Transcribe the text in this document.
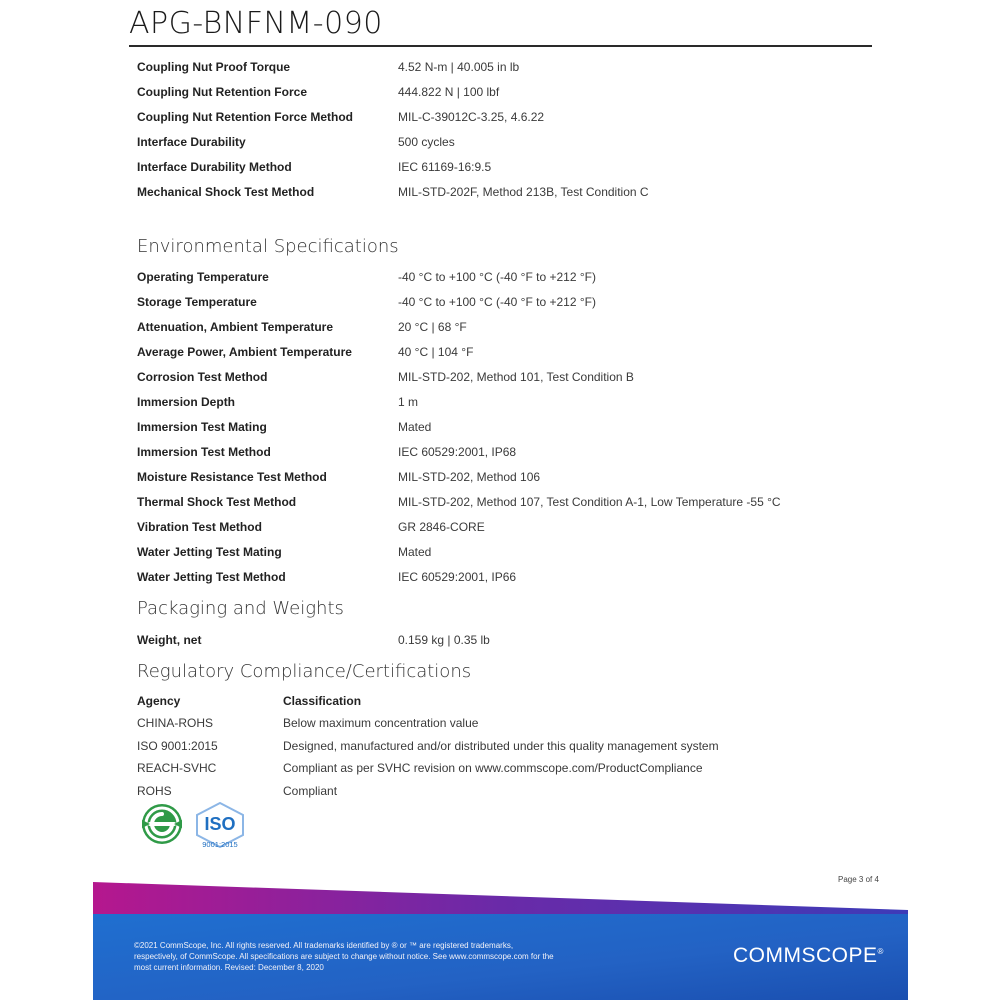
APG-BNFNM-090
Coupling Nut Proof Torque	4.52 N-m | 40.005 in lb
Coupling Nut Retention Force	444.822 N | 100 lbf
Coupling Nut Retention Force Method	MIL-C-39012C-3.25, 4.6.22
Interface Durability	500 cycles
Interface Durability Method	IEC 61169-16:9.5
Mechanical Shock Test Method	MIL-STD-202F, Method 213B, Test Condition C
Environmental Specifications
Operating Temperature	-40 °C to +100 °C (-40 °F to +212 °F)
Storage Temperature	-40 °C to +100 °C (-40 °F to +212 °F)
Attenuation, Ambient Temperature	20 °C | 68 °F
Average Power, Ambient Temperature	40 °C | 104 °F
Corrosion Test Method	MIL-STD-202, Method 101, Test Condition B
Immersion Depth	1 m
Immersion Test Mating	Mated
Immersion Test Method	IEC 60529:2001, IP68
Moisture Resistance Test Method	MIL-STD-202, Method 106
Thermal Shock Test Method	MIL-STD-202, Method 107, Test Condition A-1, Low Temperature -55 °C
Vibration Test Method	GR 2846-CORE
Water Jetting Test Mating	Mated
Water Jetting Test Method	IEC 60529:2001, IP66
Packaging and Weights
Weight, net	0.159 kg | 0.35 lb
Regulatory Compliance/Certifications
Agency	Classification
CHINA-ROHS	Below maximum concentration value
ISO 9001:2015	Designed, manufactured and/or distributed under this quality management system
REACH-SVHC	Compliant as per SVHC revision on www.commscope.com/ProductCompliance
ROHS	Compliant
ISO
9001:2015
Page 3 of 4
©2021 CommScope, Inc. All rights reserved. All trademarks identified by ® or ™ are registered trademarks,
respectively, of CommScope. All specifications are subject to change without notice. See www.commscope.com for the
most current information. Revised: December 8, 2020
COMMSCOPE®
